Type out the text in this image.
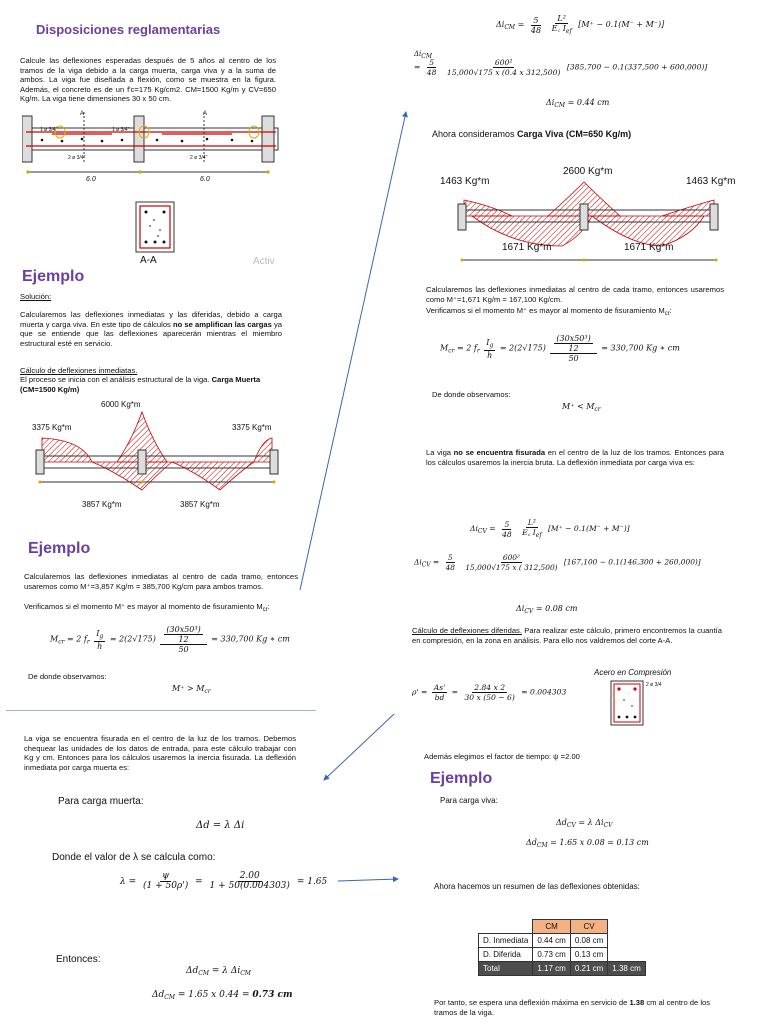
Disposiciones reglamentarias

Calcule las deflexiones esperadas después de 5 años al centro de los tramos de la viga debido a la carga muerta, carga viva y a la suma de ambos. La viga fue diseñada a flexión, como se muestra en la figura. Además, el concreto es de un f'c=175 Kg/cm2. CM=1500 Kg/m y CV=650 Kg/m. La viga tiene dimensiones 30 x 50 cm.

A	A
1 ø 3/4"	1 ø 3/4"
2 ø 3/4"	2 ø 3/4"
6.0	6.0
A-A	Activ
Ejemplo
Solución:

Calcularemos las deflexiones inmediatas y las diferidas, debido a carga muerta y carga viva. En este tipo de cálculos no se amplifican las cargas ya que se entiende que las deflexiones aparecerán mientras el miembro estructural esté en servicio.

Cálculo de deflexiones inmediatas.

El proceso se inicia con el análisis estructural de la viga. Carga Muerta (CM=1500 Kg/m)

6000 Kg*m
3375 Kg*m	3375 Kg*m
3857 Kg*m	3857 Kg*m
Ejemplo

Calcularemos las deflexiones inmediatas al centro de cada tramo, entonces usaremos como M⁺=3,857 Kg/m = 385,700 Kg/cm para ambos tramos.

Verificamos si el momento M⁺ es mayor al momento de fisuramiento $M_{cr}$:

$M_{cr} = 2$ $f_r \frac{I_g}{h} = 2(2√175) \frac{\frac{\text{(30x50³)}}{12}}{50} = 330,700$ Kg ∗ cm
De donde observamos:
$M^+ > M_{cr}$

La viga se encuentra fisurada en el centro de la luz de los tramos. Debemos chequear las unidades de los datos de entrada, para este cálculo trabajar con Kg y cm. Entonces para los cálculos usaremos la inercia fisurada. La deflexión inmediata por carga muerta es:

Para carga muerta:
Δd = λ Δi
Donde el valor de λ se calcula como:
$\lambda = \frac{\psi}{(1 + 50\rho')} = \frac{2.00}{1 + 50(0.004303)} = 1.65$
Entonces:
$\Delta d_{CM} = \lambda$ $\Delta i_{CM}$
$\Delta d_{CM} = 1.65$ x 0.44 = 0.73 cm
$\Delta i_{CM} = \frac{5}{48}$
$\frac{\text{L²}}{E꜀ I_{ef}} [M^+ - 0.1(M^- + M^-)]$
ΔiCM
= $\frac{5}{48}$
$\frac{\text{600²}}{15,000√175 x (0.4 x 312,500)} [385,700 - 0.1(337,500 + 600,000)]$
$\Delta i_{CM} = 0.44$ cm
Ahora consideramos Carga Viva (CM=650 Kg/m)
2600 Kg*m
1463 Kg*m	1463 Kg*m
1671 Kg*m	1671 Kg*m

Calcularemos las deflexiones inmediatas al centro de cada tramo, entonces usaremos como M⁺=1,671 Kg/m = 167,100 Kg/cm.

Verificamos si el momento M⁺ es mayor al momento de fisuramiento $M_{cr}$:

$M_{cr} = 2$ $f_r \frac{I_g}{h} = 2(2√175) \frac{\frac{\text{(30x50³)}}{12}}{50} = 330,700$ Kg ∗ cm
De donde observamos:
$M^+ < M_{cr}$

La viga no se encuentra fisurada en el centro de la luz de los tramos. Entonces para los cálculos usaremos la inercia bruta. La deflexión inmediata por carga viva es:

$\Delta i_{CV} = \frac{5}{48}$
$\frac{\text{L²}}{E꜀ I_{ef}} [M^+ - 0.1(M^- + M^-)]$
$\Delta i_{CV} = \frac{5}{48}$
$\frac{\text{600²}}{15,000√175 x ( 312,500)} [167,100 - 0.1(146,300 + 260,000)]$
$\Delta i_{CV} = 0.08$ cm

Cálculo de deflexiones diferidas. Para realizar este cálculo, primero encontremos la cuantía en compresión, en la zona en análisis. Para ello nos valdremos del corte A-A.

$\rho' = \frac{As'}{bd} = \frac{2.84 x 2}{30 x (50 - 6)} = 0.004303$
Acero en Compresión
2 ø 3/4
Además elegimos el factor de tiempo: ψ =2.00
Ejemplo
Para carga viva:
$\Delta d_{CV} = \lambda$ $\Delta i_{CV}$
$\Delta d_{CM} = 1.65$ x 0.08 = 0.13 cm
Ahora hacemos un resumen de las deflexiones obtenidas:
	CM	CV	
D. Inmediata	0.44 cm	0.08 cm	
D. Diferida	0.73 cm	0.13 cm	
Total	1.17 cm	0.21 cm	1.38 cm

Por tanto, se espera una deflexión máxima en servicio de 1.38 cm al centro de los tramos de la viga.
